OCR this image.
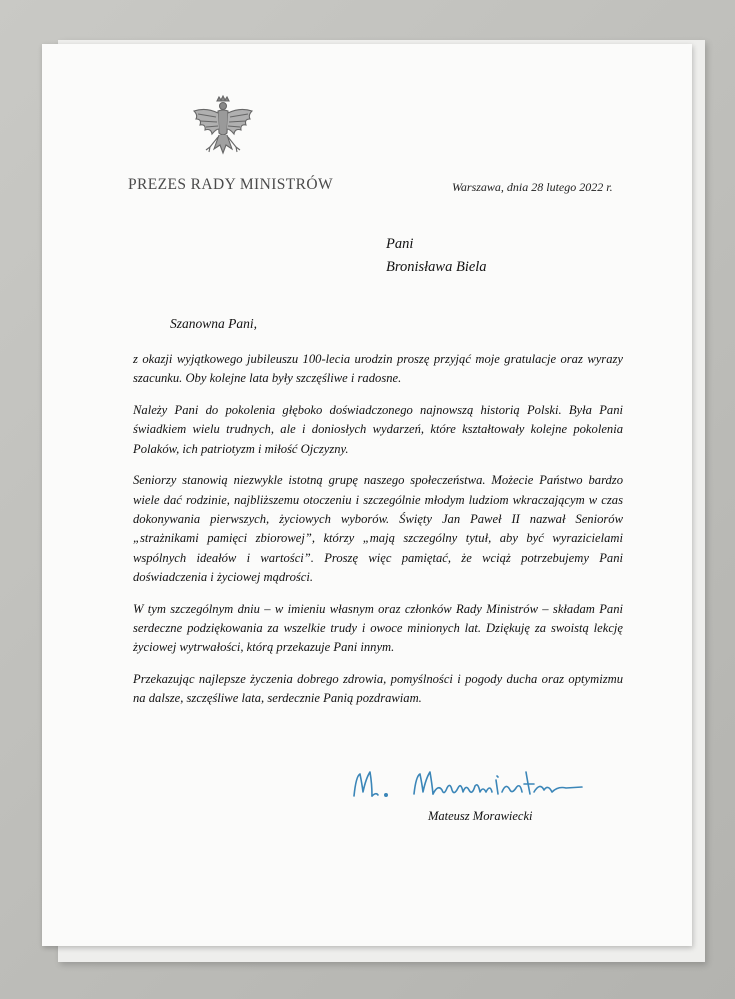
PREZES RADY MINISTRÓW	Warszawa, dnia 28 lutego 2022 r.
Pani
Bronisława Biela
Szanowna Pani,

z okazji wyjątkowego jubileuszu 100-lecia urodzin proszę przyjąć moje gratulacje oraz wyrazy szacunku. Oby kolejne lata były szczęśliwe i radosne.

Należy Pani do pokolenia głęboko doświadczonego najnowszą historią Polski. Była Pani świadkiem wielu trudnych, ale i doniosłych wydarzeń, które kształtowały kolejne pokolenia Polaków, ich patriotyzm i miłość Ojczyzny.

Seniorzy stanowią niezwykle istotną grupę naszego społeczeństwa. Możecie Państwo bardzo wiele dać rodzinie, najbliższemu otoczeniu i szczególnie młodym ludziom wkraczającym w czas dokonywania pierwszych, życiowych wyborów. Święty Jan Paweł II nazwał Seniorów „strażnikami pamięci zbiorowej”, którzy „mają szczególny tytuł, aby być wyrazicielami wspólnych ideałów i wartości”. Proszę więc pamiętać, że wciąż potrzebujemy Pani doświadczenia i życiowej mądrości.

W tym szczególnym dniu – w imieniu własnym oraz członków Rady Ministrów – składam Pani serdeczne podziękowania za wszelkie trudy i owoce minionych lat. Dziękuję za swoistą lekcję życiowej wytrwałości, którą przekazuje Pani innym.

Przekazując najlepsze życzenia dobrego zdrowia, pomyślności i pogody ducha oraz optymizmu na dalsze, szczęśliwe lata, serdecznie Panią pozdrawiam.

Mateusz Morawiecki
